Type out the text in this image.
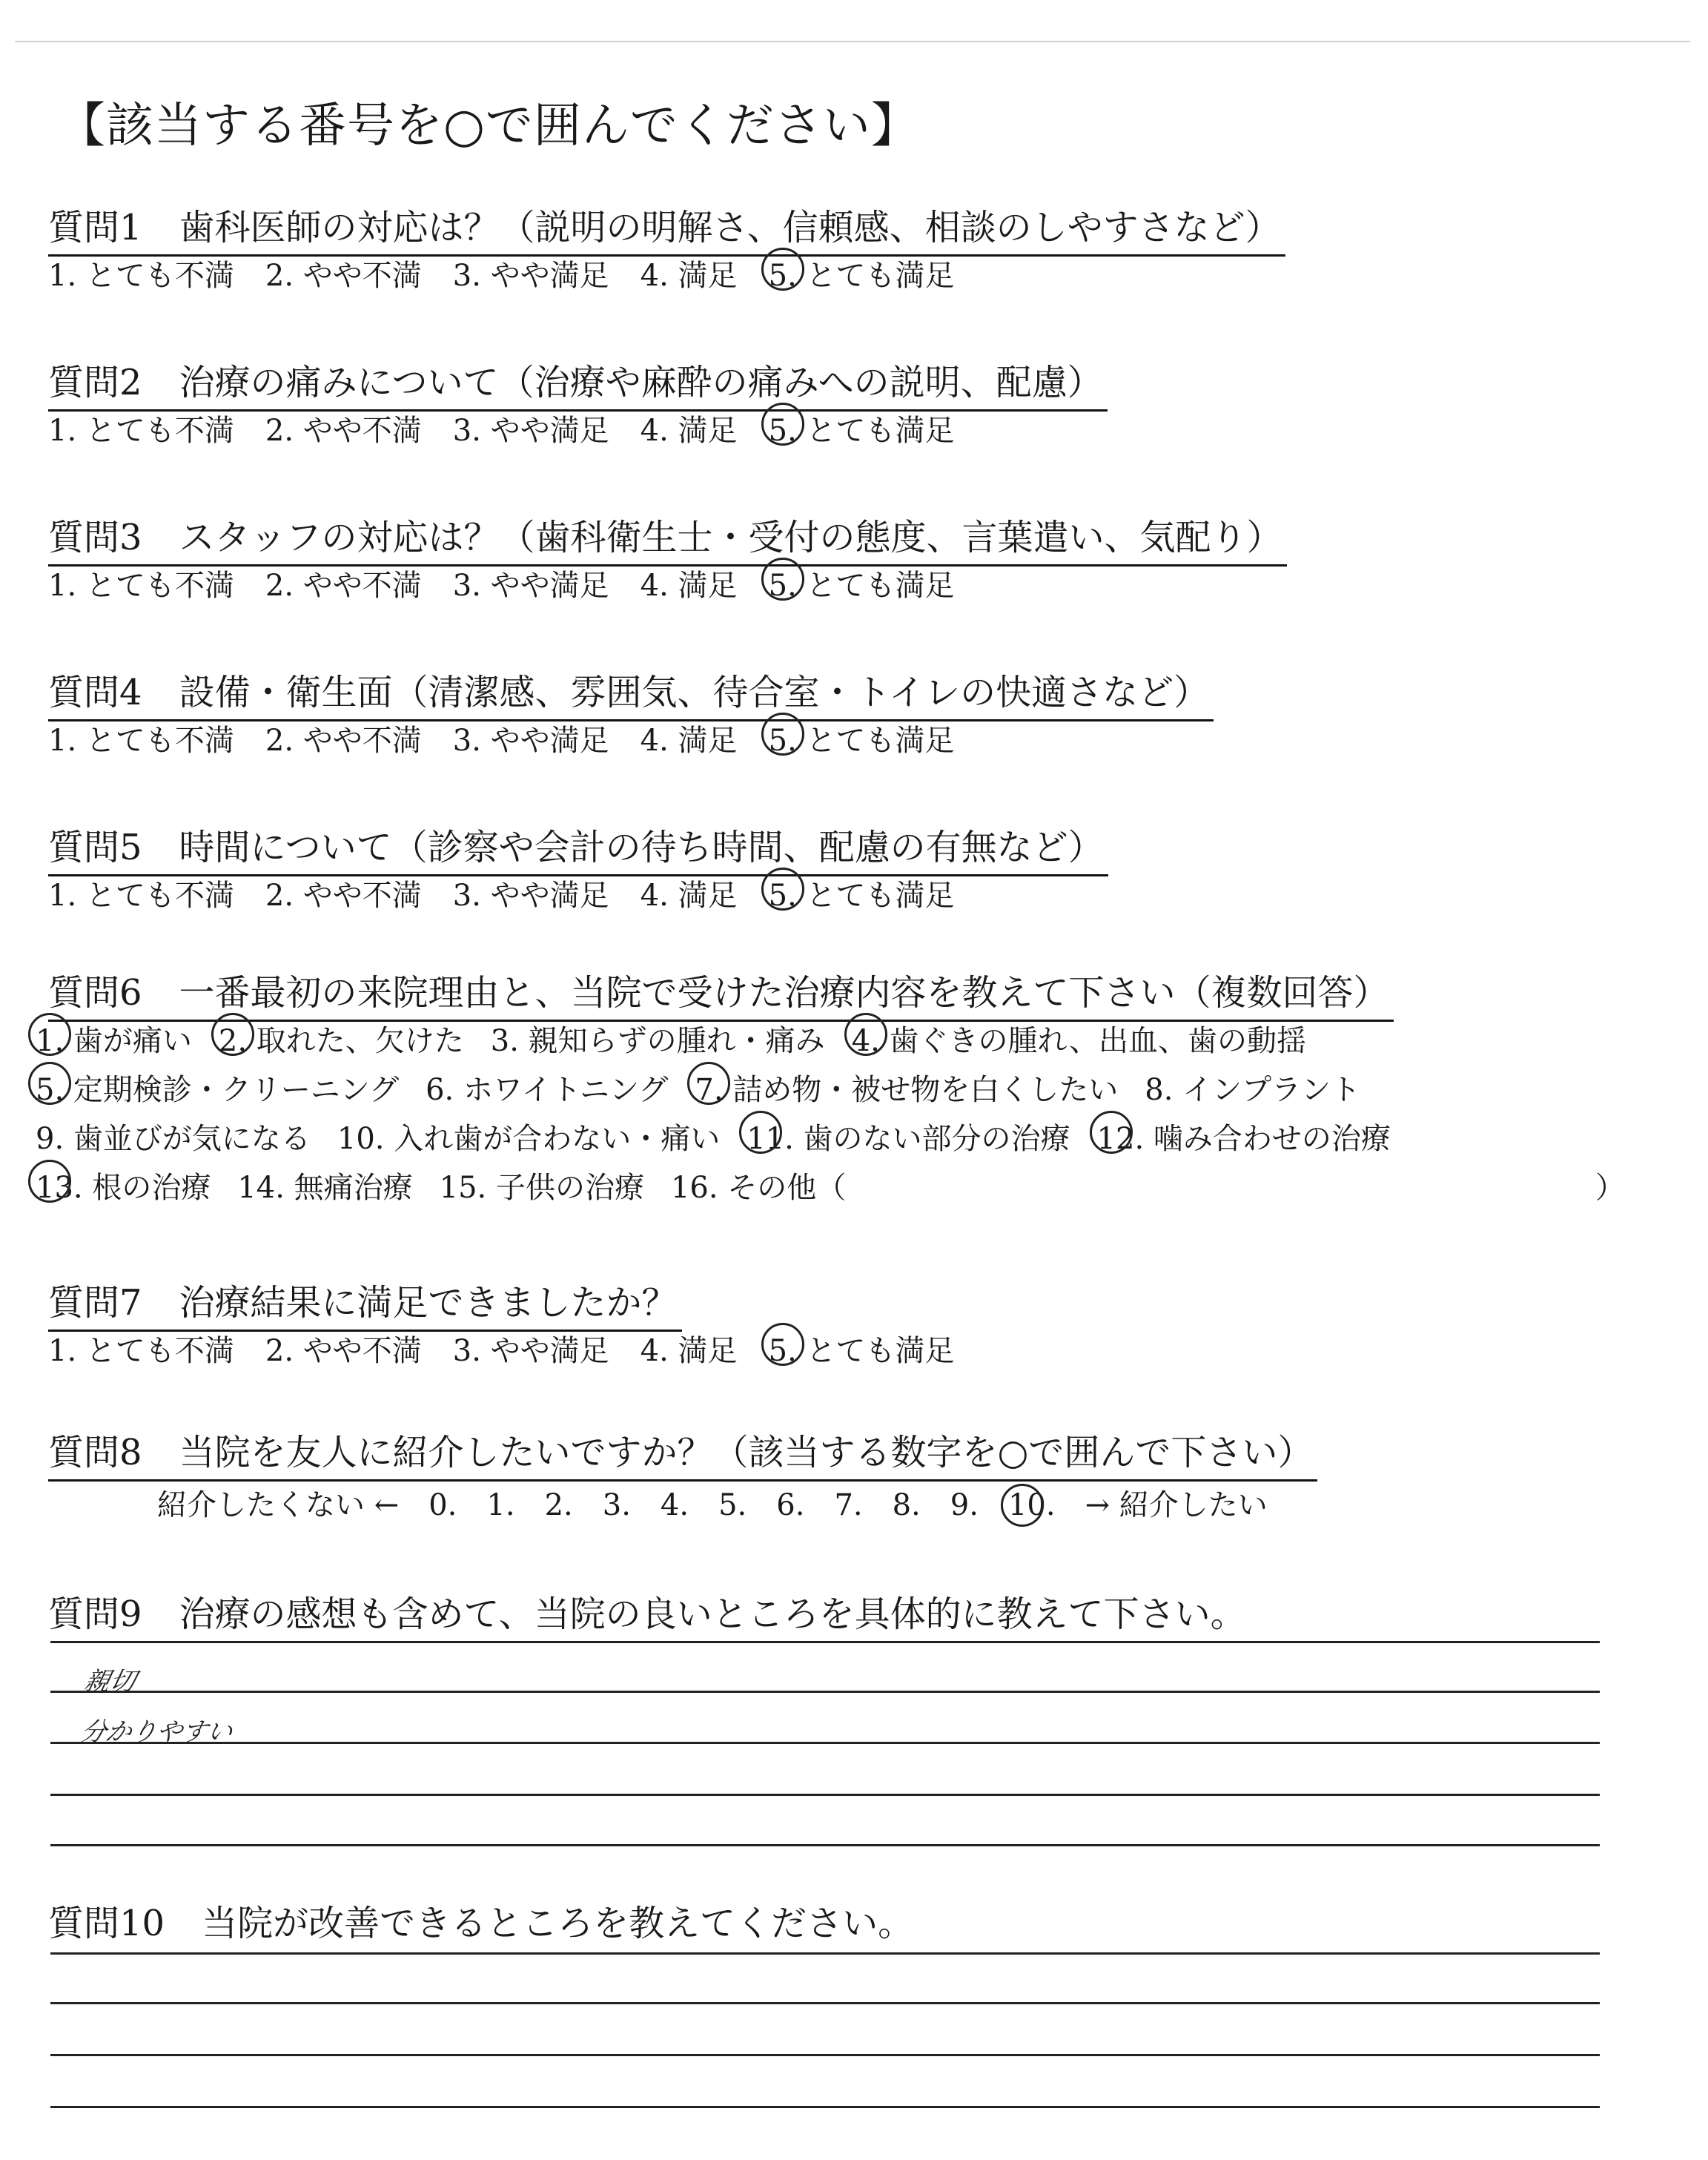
【該当する番号を○で囲んでください】
質問1 歯科医師の対応は？（説明の明解さ、信頼感、相談のしやすさなど）
1. とても不満 2. やや不満 3. やや満足 4. 満足 5. とても満足
質問2 治療の痛みについて（治療や麻酔の痛みへの説明、配慮）
1. とても不満 2. やや不満 3. やや満足 4. 満足 5. とても満足
質問3 スタッフの対応は？（歯科衛生士・受付の態度、言葉遣い、気配り）
1. とても不満 2. やや不満 3. やや満足 4. 満足 5. とても満足
質問4 設備・衛生面（清潔感、雰囲気、待合室・トイレの快適さなど）
1. とても不満 2. やや不満 3. やや満足 4. 満足 5. とても満足
質問5 時間について（診察や会計の待ち時間、配慮の有無など）
1. とても不満 2. やや不満 3. やや満足 4. 満足 5. とても満足
質問6 一番最初の来院理由と、当院で受けた治療内容を教えて下さい（複数回答）
1. 歯が痛い 2. 取れた、欠けた 3. 親知らずの腫れ・痛み 4. 歯ぐきの腫れ、出血、歯の動揺
5. 定期検診・クリーニング 6. ホワイトニング 7. 詰め物・被せ物を白くしたい 8. インプラント
9. 歯並びが気になる 10. 入れ歯が合わない・痛い 11. 歯のない部分の治療 12. 噛み合わせの治療
13. 根の治療 14. 無痛治療 15. 子供の治療 16. その他（	）
質問7 治療結果に満足できましたか？
1. とても不満 2. やや不満 3. やや満足 4. 満足 5. とても満足
質問8 当院を友人に紹介したいですか？（該当する数字を○で囲んで下さい）
紹介したくない ← 0. 1. 2. 3. 4. 5. 6. 7. 8. 9. 10. → 紹介したい
質問9 治療の感想も含めて、当院の良いところを具体的に教えて下さい。
親切
分かりやすい
質問10 当院が改善できるところを教えてください。
